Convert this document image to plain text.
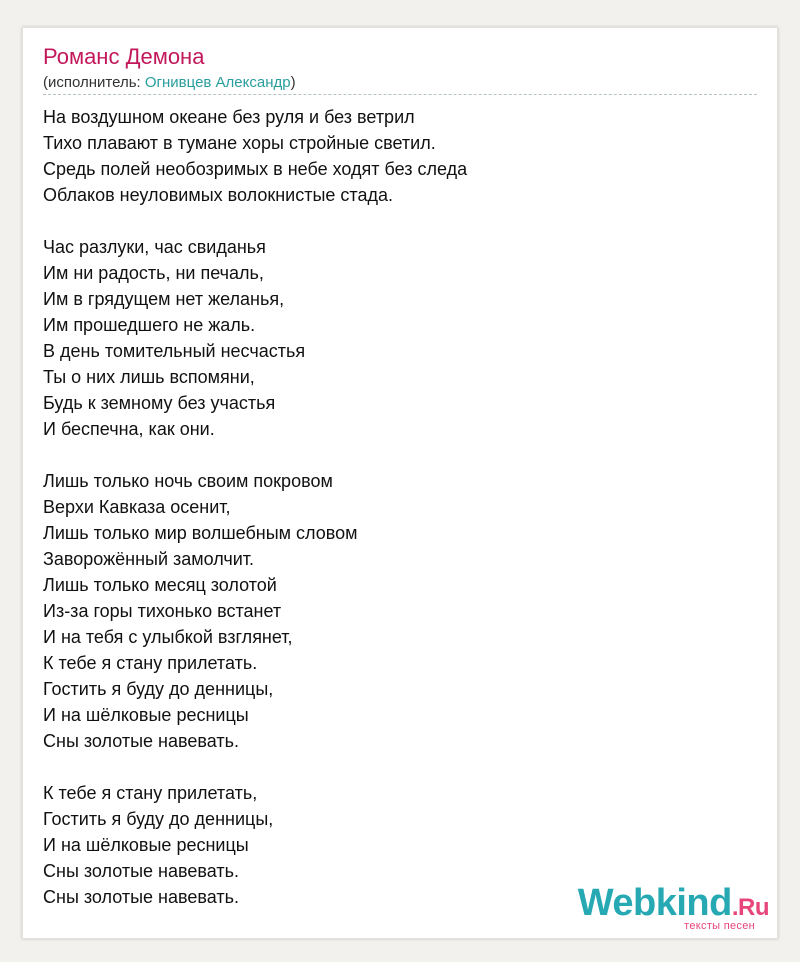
Романс Демона
(исполнитель: Огнивцев Александр)
На воздушном океане без руля и без ветрил
Тихо плавают в тумане хоры стройные светил.
Средь полей необозримых в небе ходят без следа
Облаков неуловимых волокнистые стада.
Час разлуки, час свиданья
Им ни радость, ни печаль,
Им в грядущем нет желанья,
Им прошедшего не жаль.
В день томительный несчастья
Ты о них лишь вспомяни,
Будь к земному без участья
И беспечна, как они.
Лишь только ночь своим покровом
Верхи Кавказа осенит,
Лишь только мир волшебным словом
Заворожённый замолчит.
Лишь только месяц золотой
Из-за горы тихонько встанет
И на тебя с улыбкой взглянет,
К тебе я стану прилетать.
Гостить я буду до денницы,
И на шёлковые ресницы
Сны золотые навевать.
К тебе я стану прилетать,
Гостить я буду до денницы,
И на шёлковые ресницы
Сны золотые навевать.
Сны золотые навевать.	Webkind.Ru
тексты песен
